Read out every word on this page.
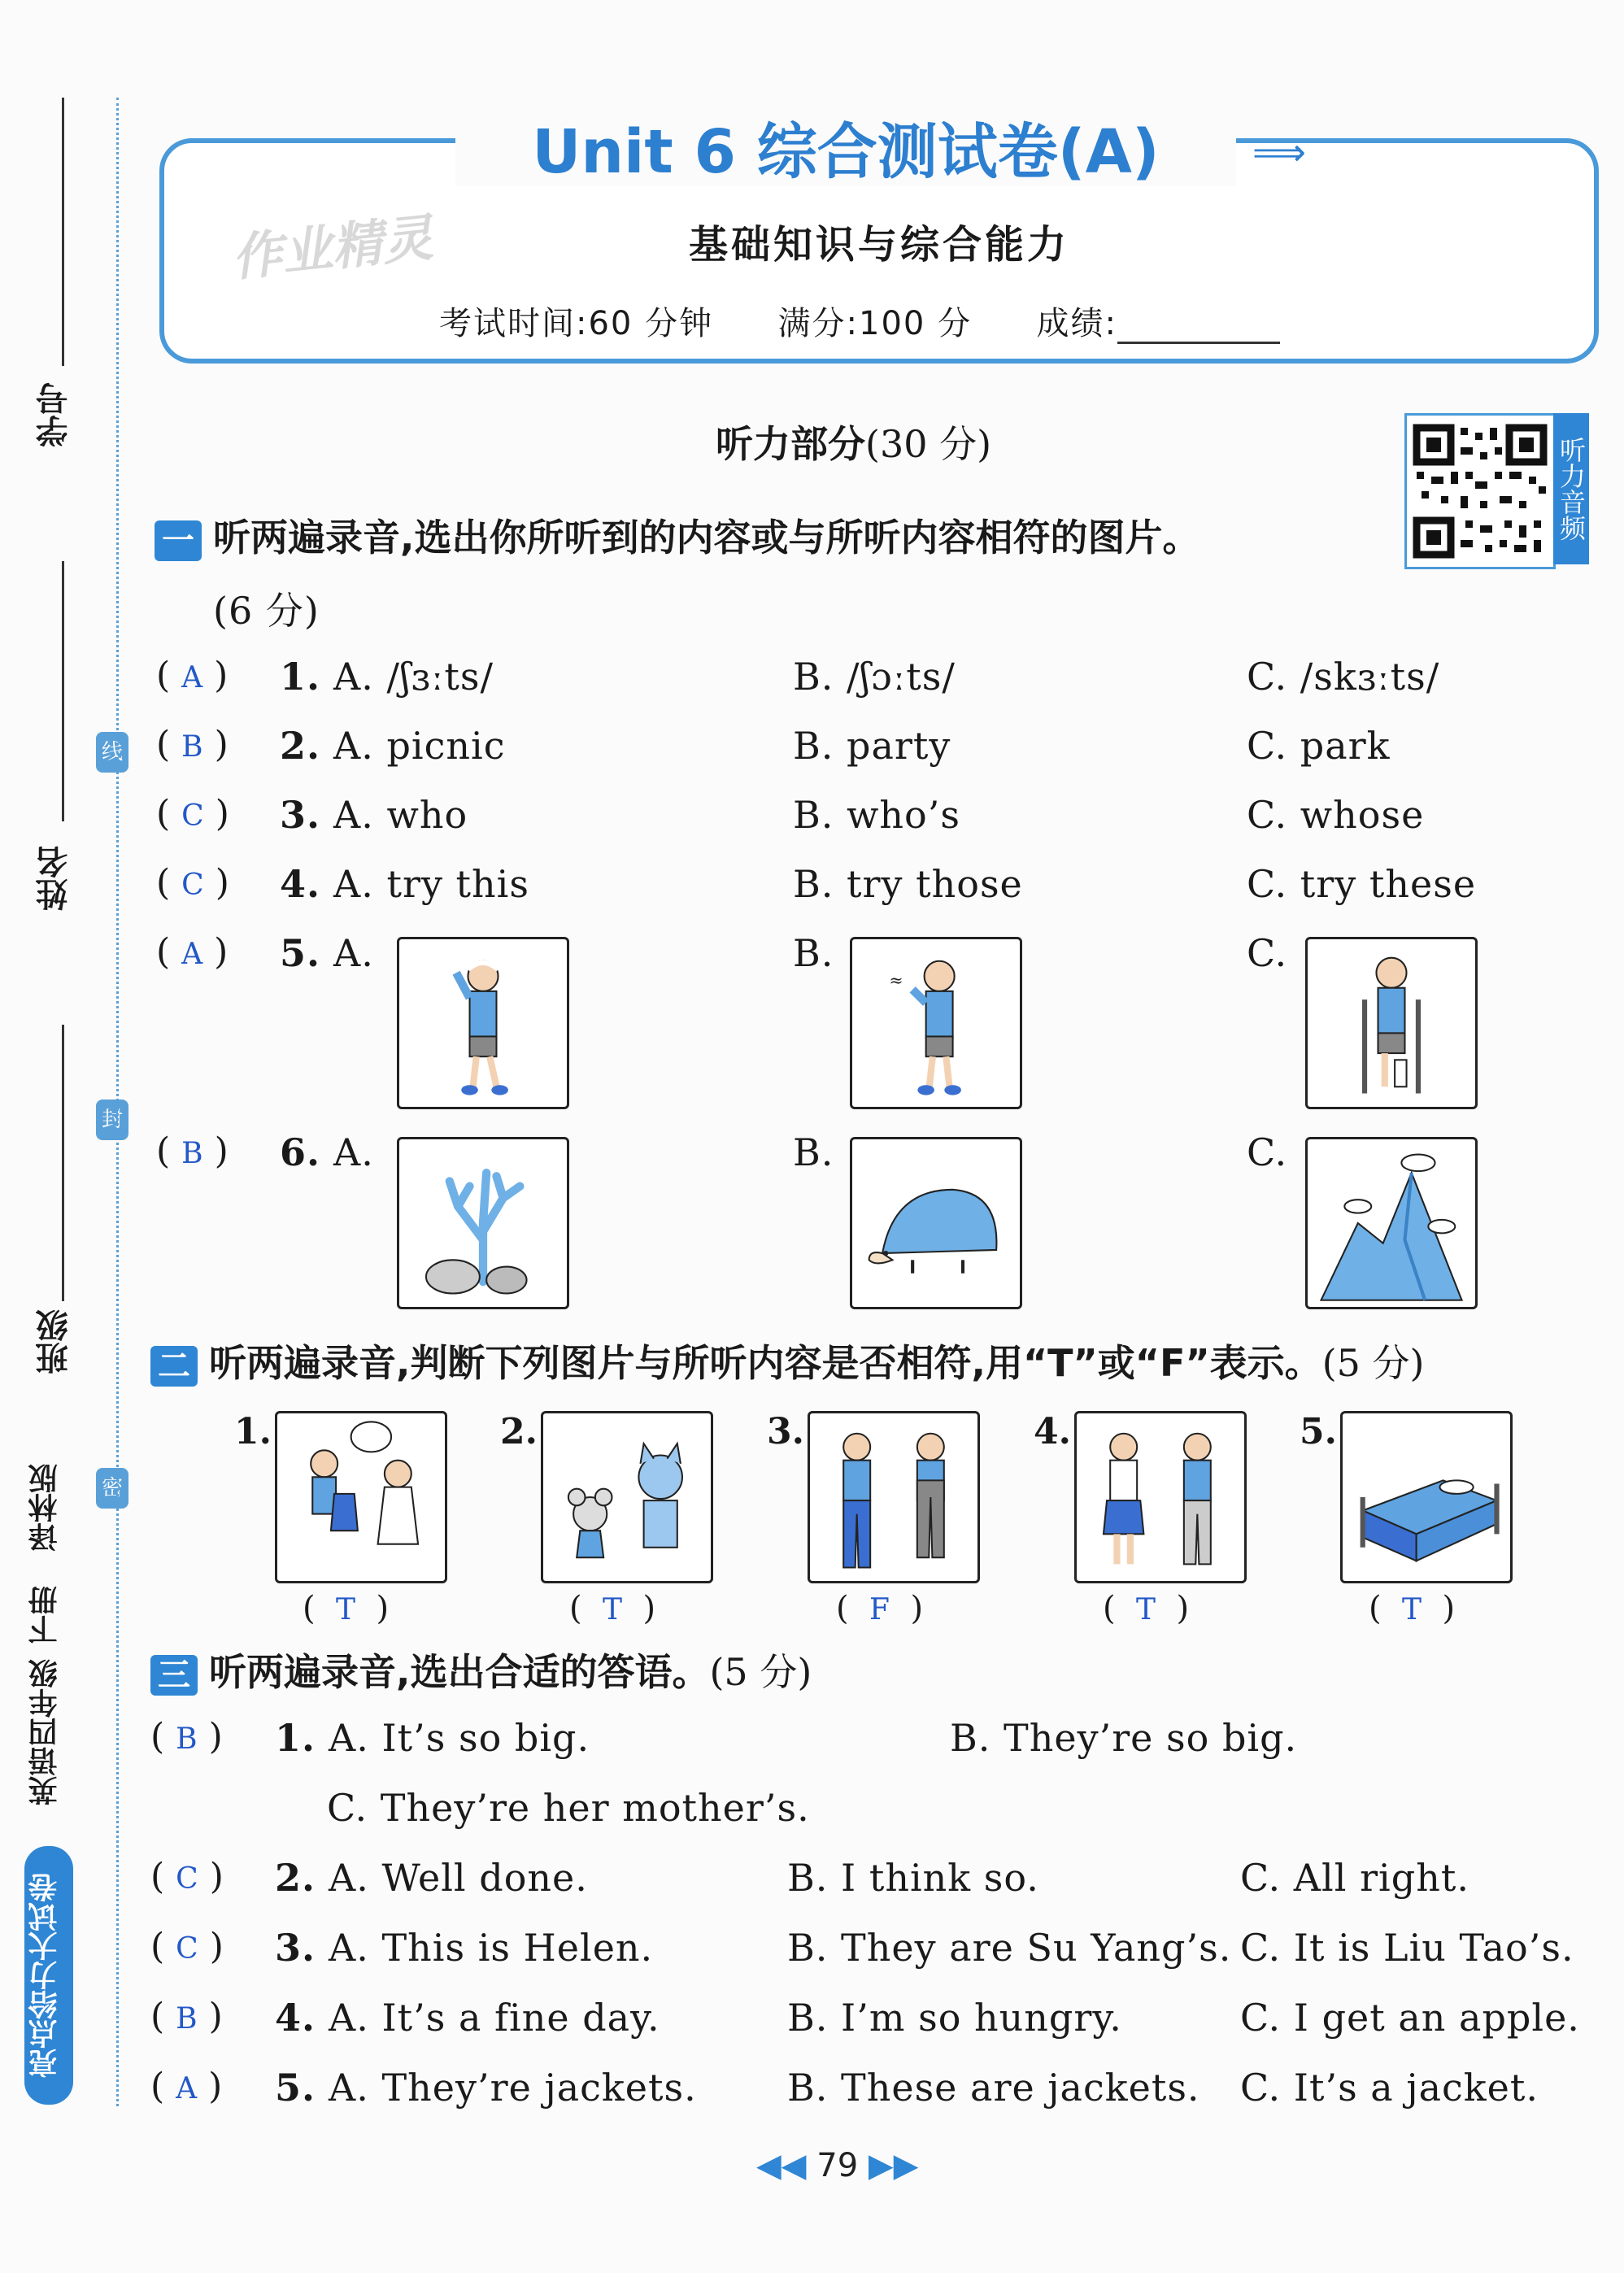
学号
姓名
班级
线
封
密
译林版
下册
英语四年级
亮点给力大试卷
⟹
Unit 6 综合测试卷(A)
作业精灵	基础知识与综合能力
考试时间:60 分钟 满分:100 分 成绩:
听力部分(30 分)	听力音频
一 听两遍录音,选出你所听到的内容或与所听内容相符的图片。
(6 分)
( A ) 1. A. /ʃɜːts/	B. /ʃɔːts/	C. /skɜːts/
( B ) 2. A. picnic	B. party	C. park
( C ) 3. A. who	B. who’s	C. whose
( C ) 4. A. try this	B. try those	C. try these
( A ) 5. A.	B.	C.
≈
( B ) 6. A.	B.	C.
二 听两遍录音,判断下列图片与所听内容是否相符,用“T”或“F”表示。(5 分)
1.
(  T  )
2.
(  T  )
3.
(  F  )
4.
(  T  )
5.
(  T  )
三 听两遍录音,选出合适的答语。(5 分)
( B ) 1. A. It’s so big.	B. They’re so big.
C. They’re her mother’s.
( C ) 2. A. Well done.	B. I think so.	C. All right.
( C ) 3. A. This is Helen.	B. They are Su Yang’s. C. It is Liu Tao’s.
( B ) 4. A. It’s a fine day.	B. I’m so hungry.	C. I get an apple.
( A ) 5. A. They’re jackets. B. These are jackets. C. It’s a jacket.
◀◀ 79 ▶▶
